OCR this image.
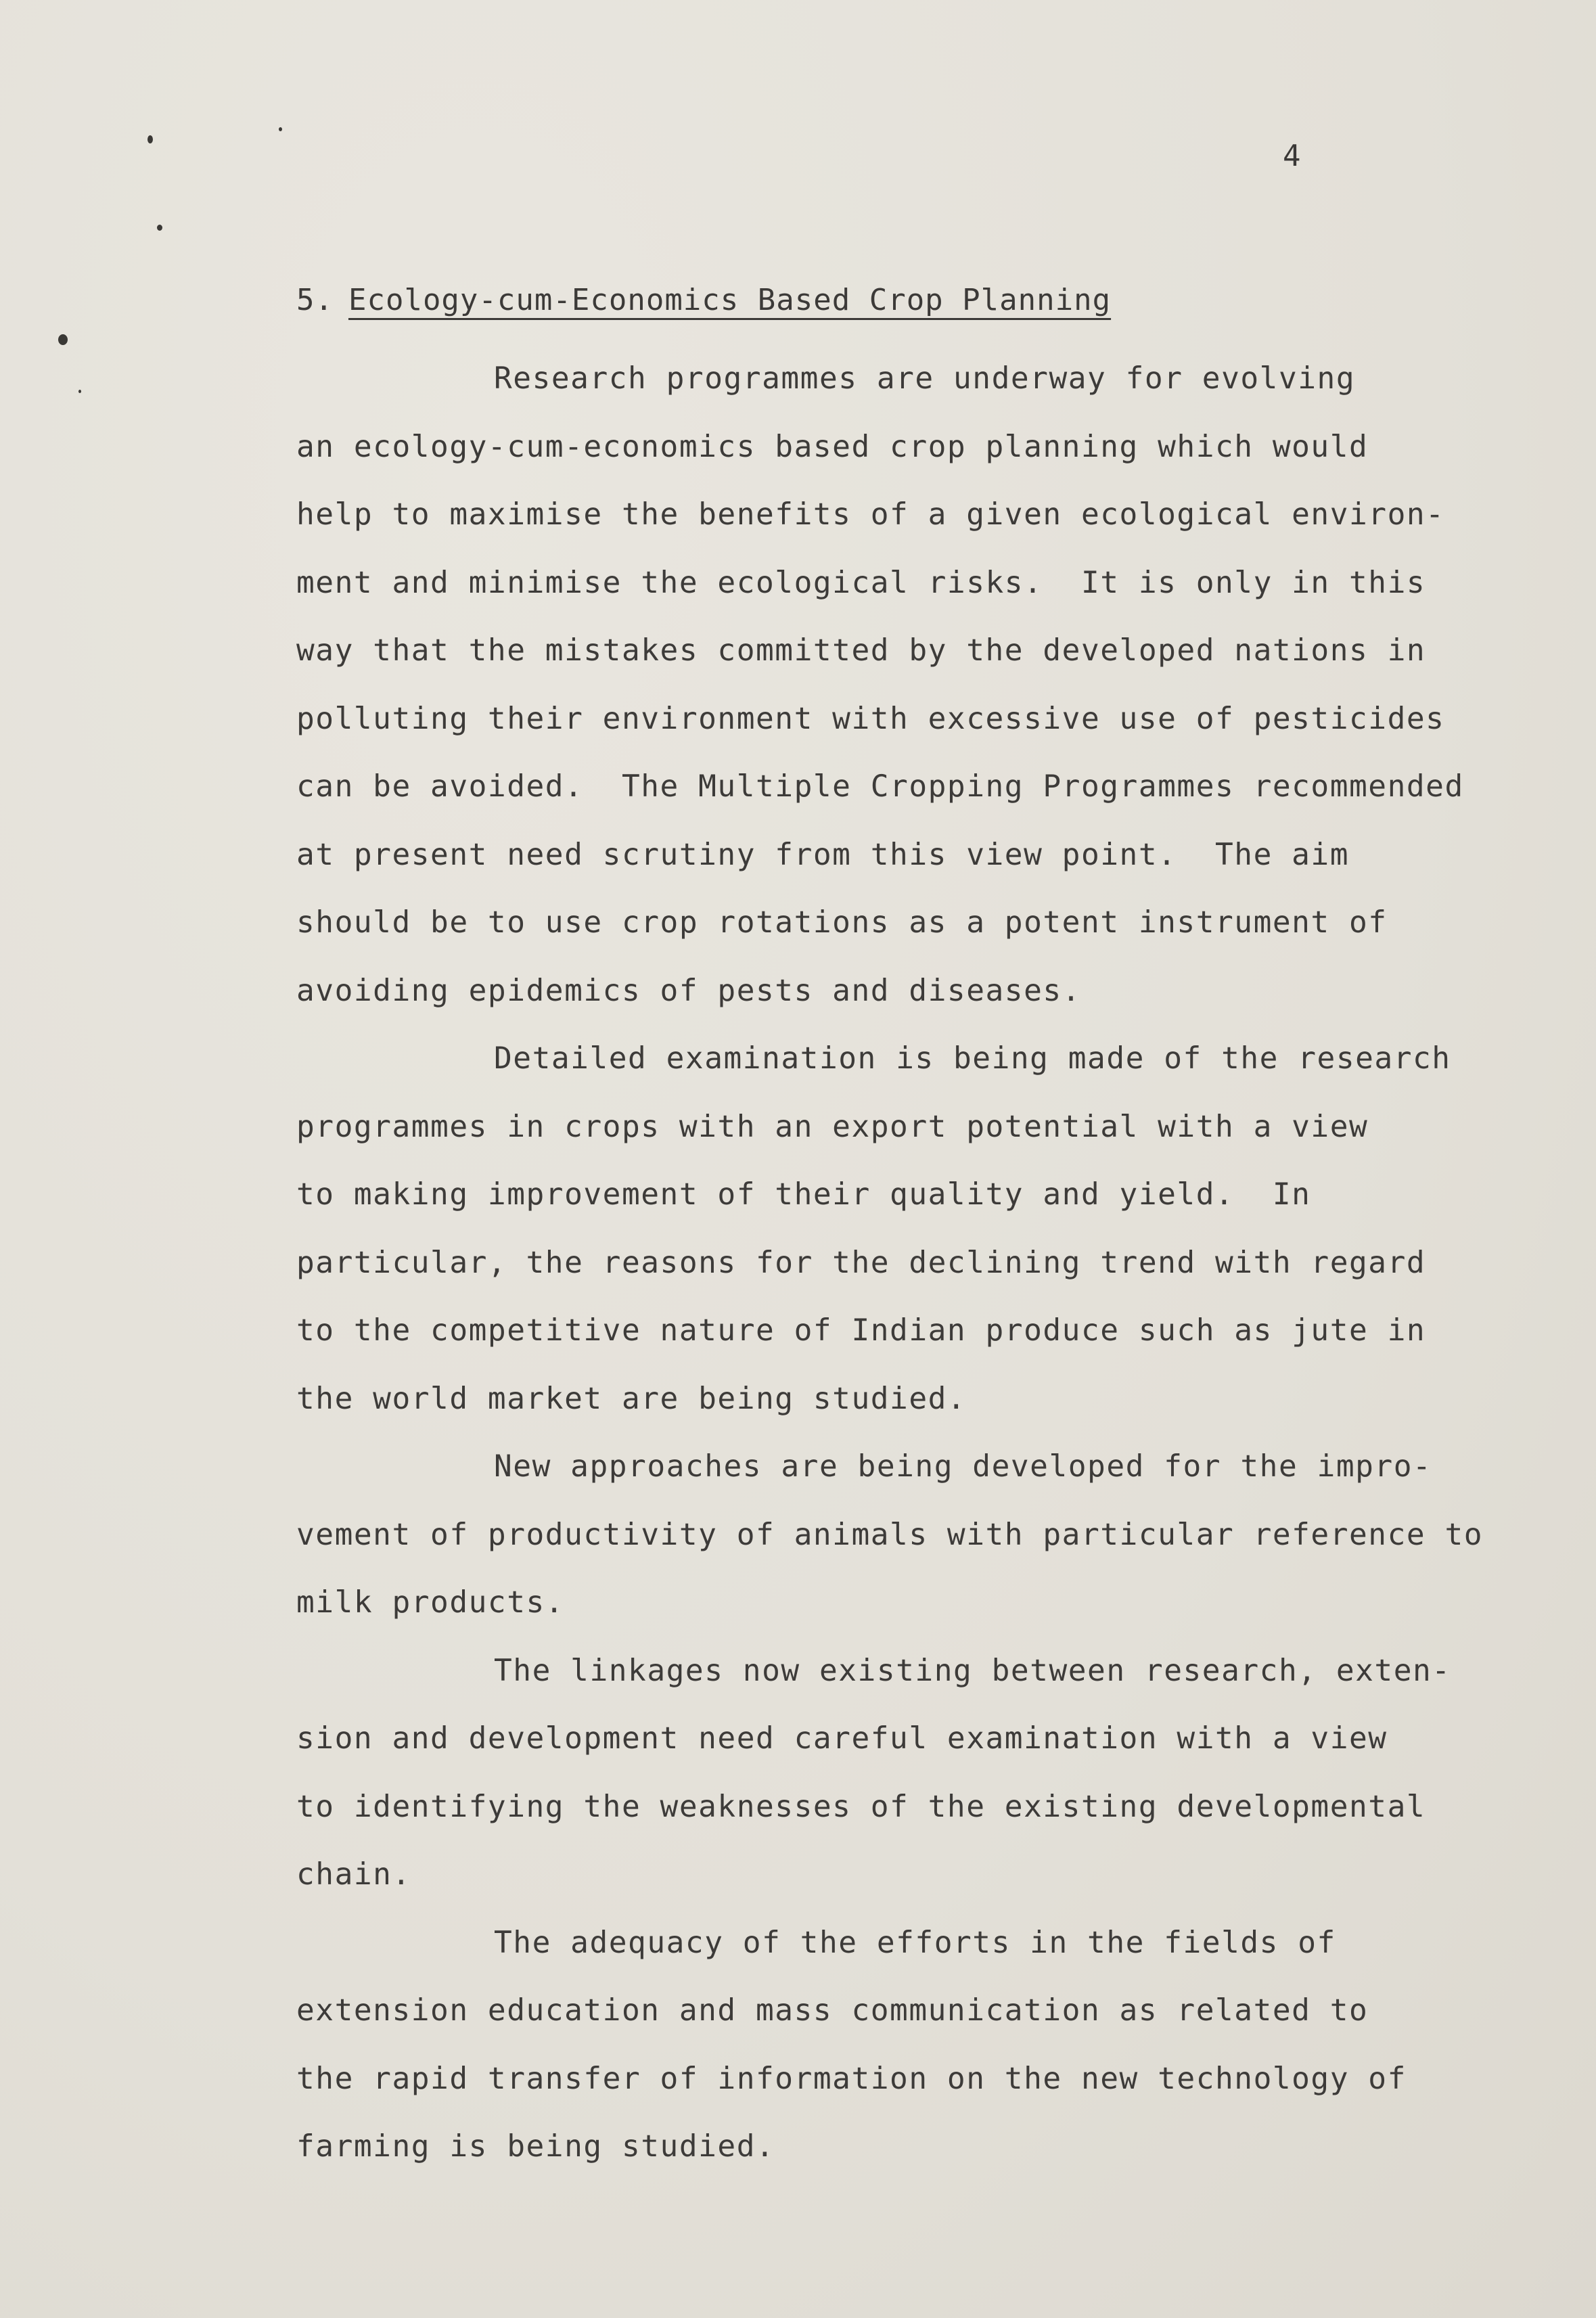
4
5. Ecology-cum-Economics Based Crop Planning
Research programmes are underway for evolving
an ecology-cum-economics based crop planning which would
help to maximise the benefits of a given ecological environ-
ment and minimise the ecological risks.  It is only in this
way that the mistakes committed by the developed nations in
polluting their environment with excessive use of pesticides
can be avoided.  The Multiple Cropping Programmes recommended
at present need scrutiny from this view point.  The aim
should be to use crop rotations as a potent instrument of
avoiding epidemics of pests and diseases.
Detailed examination is being made of the research
programmes in crops with an export potential with a view
to making improvement of their quality and yield.  In
particular, the reasons for the declining trend with regard
to the competitive nature of Indian produce such as jute in
the world market are being studied.
New approaches are being developed for the impro-
vement of productivity of animals with particular reference to
milk products.
The linkages now existing between research, exten-
sion and development need careful examination with a view
to identifying the weaknesses of the existing developmental
chain.
The adequacy of the efforts in the fields of
extension education and mass communication as related to
the rapid transfer of information on the new technology of
farming is being studied.
